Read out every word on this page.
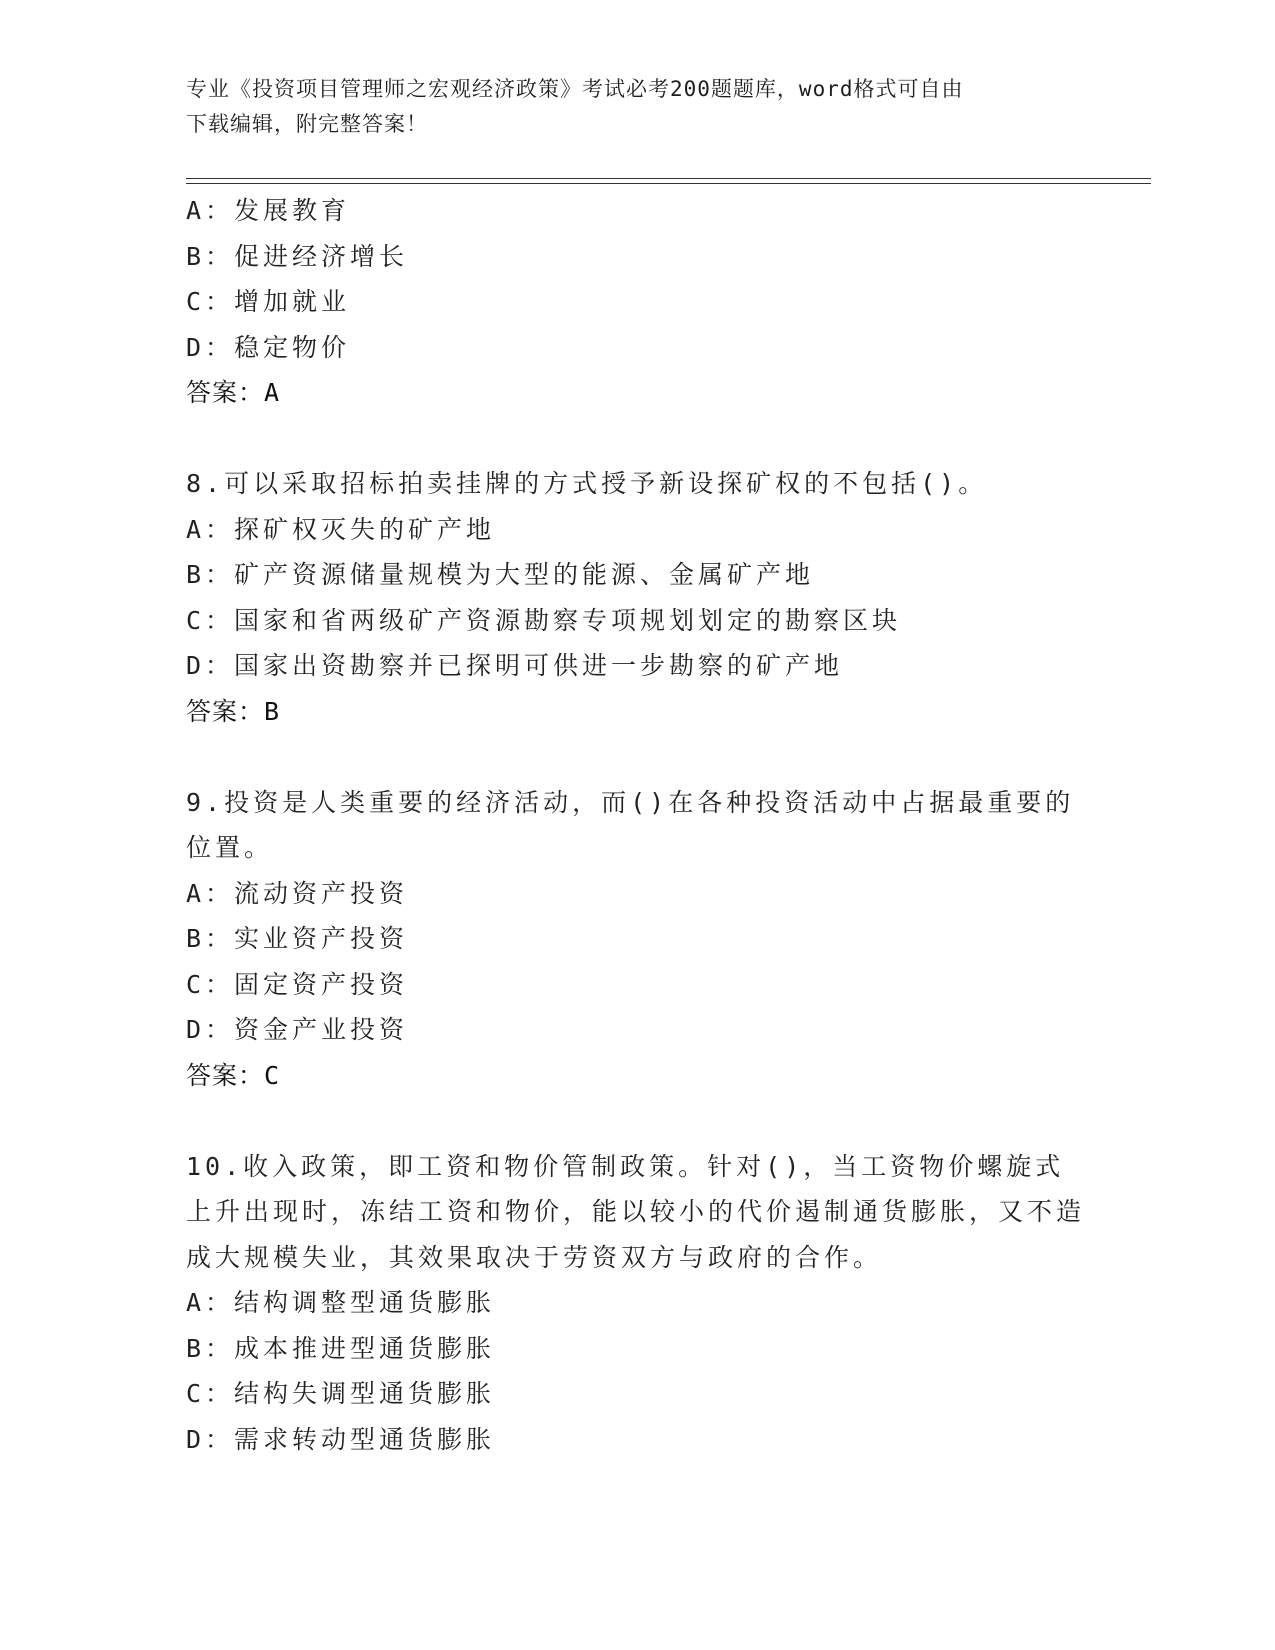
专业《投资项目管理师之宏观经济政策》考试必考200题题库，word格式可自由
下载编辑，附完整答案！
A：发展教育
B：促进经济增长
C：增加就业
D：稳定物价
答案：A
8.可以采取招标拍卖挂牌的方式授予新设探矿权的不包括()。
A：探矿权灭失的矿产地
B：矿产资源储量规模为大型的能源、金属矿产地
C：国家和省两级矿产资源勘察专项规划划定的勘察区块
D：国家出资勘察并已探明可供进一步勘察的矿产地
答案：B
9.投资是人类重要的经济活动，而()在各种投资活动中占据最重要的位置。
A：流动资产投资
B：实业资产投资
C：固定资产投资
D：资金产业投资
答案：C
10.收入政策，即工资和物价管制政策。针对()，当工资物价螺旋式上升出现时，冻结工资和物价，能以较小的代价遏制通货膨胀，又不造成大规模失业，其效果取决于劳资双方与政府的合作。
A：结构调整型通货膨胀
B：成本推进型通货膨胀
C：结构失调型通货膨胀
D：需求转动型通货膨胀
